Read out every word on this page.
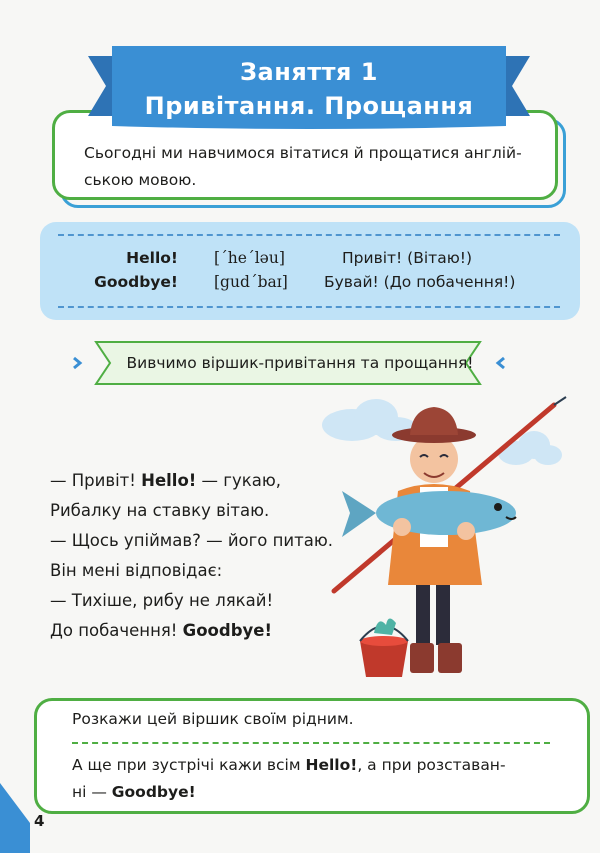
Заняття 1
Привітання. Прощання
Сьогодні ми навчимося вітатися й прощатися англій-
ською мовою.
Hello! [ˊheˊləu]	Привіт! (Вітаю!)
Goodbye! [gudˊbaɪ] Бувай! (До побачення!)
Вивчимо віршик-привітання та прощання!
— Привіт! Hello! — гукаю,
Рибалку на ставку вітаю.
— Щось упіймав? — його питаю.
Він мені відповідає:
— Тихіше, рибу не лякай!
До побачення! Goodbye!
Розкажи цей віршик своїм рідним.
А ще при зустрічі кажи всім Hello!, а при розставан-
ні — Goodbye!
4
